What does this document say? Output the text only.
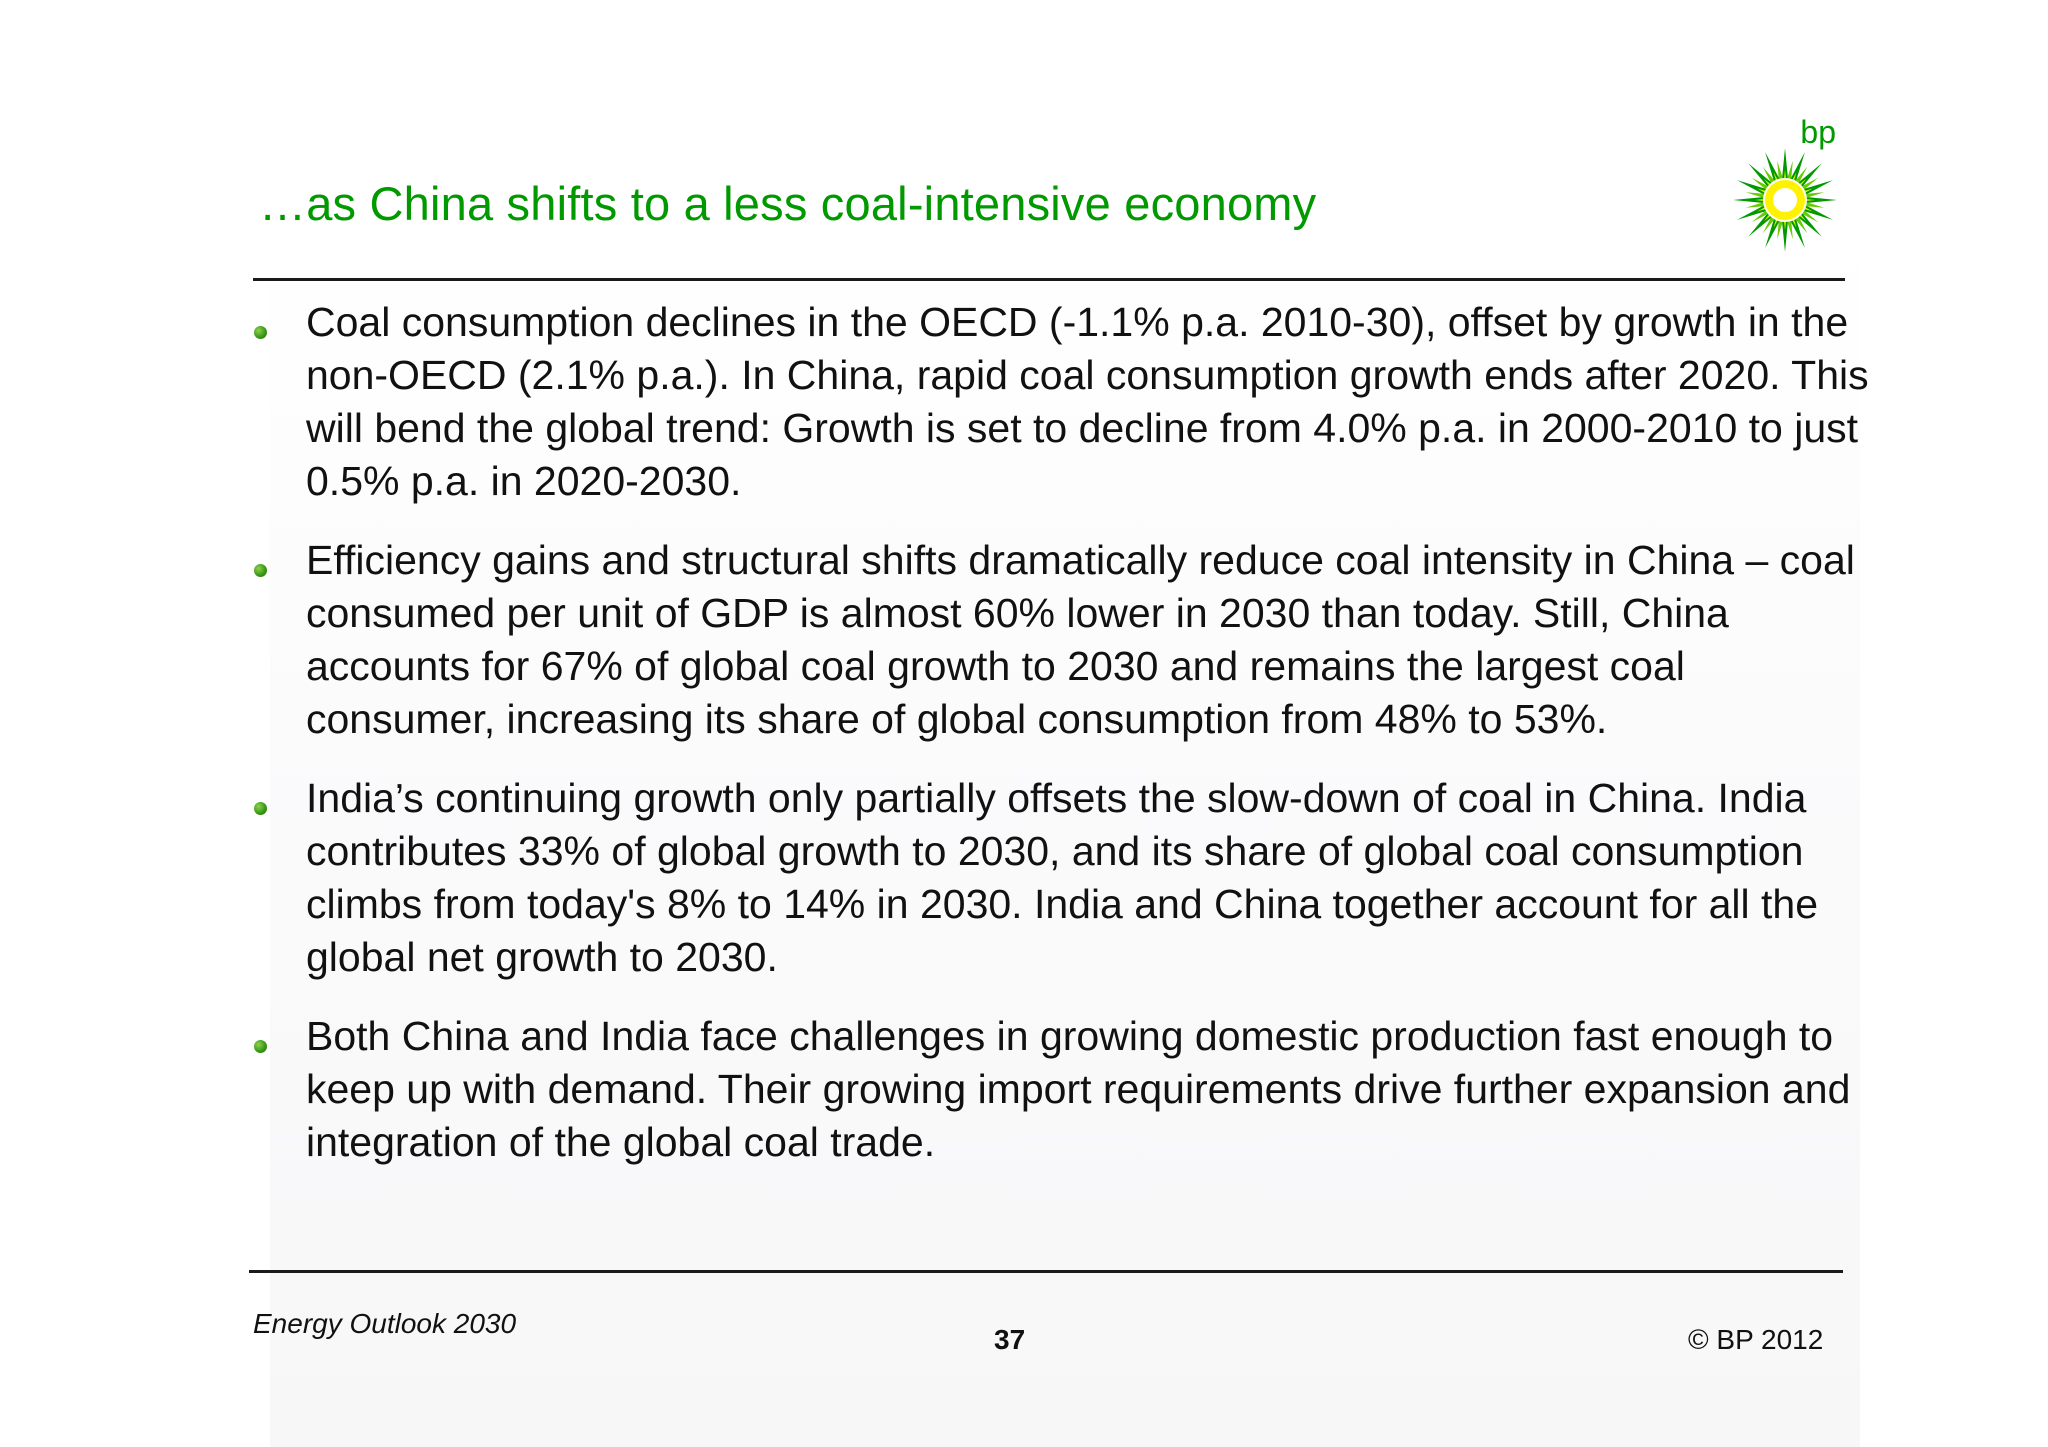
…as China shifts to a less coal-intensive economy
bp
Coal consumption declines in the OECD (-1.1% p.a. 2010-30), offset by growth in the non-OECD (2.1% p.a.). In China, rapid coal consumption growth ends after 2020. This will bend the global trend: Growth is set to decline from 4.0% p.a. in 2000-2010 to just 0.5% p.a. in 2020-2030.
Efficiency gains and structural shifts dramatically reduce coal intensity in China – coal consumed per unit of GDP is almost 60% lower in 2030 than today. Still, China accounts for 67% of global coal growth to 2030 and remains the largest coal consumer, increasing its share of global consumption from 48% to 53%.
India’s continuing growth only partially offsets the slow-down of coal in China. India contributes 33% of global growth to 2030, and its share of global coal consumption climbs from today's 8% to 14% in 2030. India and China together account for all the global net growth to 2030.
Both China and India face challenges in growing domestic production fast enough to keep up with demand. Their growing import requirements drive further expansion and integration of the global coal trade.
Energy Outlook 2030
37	© BP 2012
